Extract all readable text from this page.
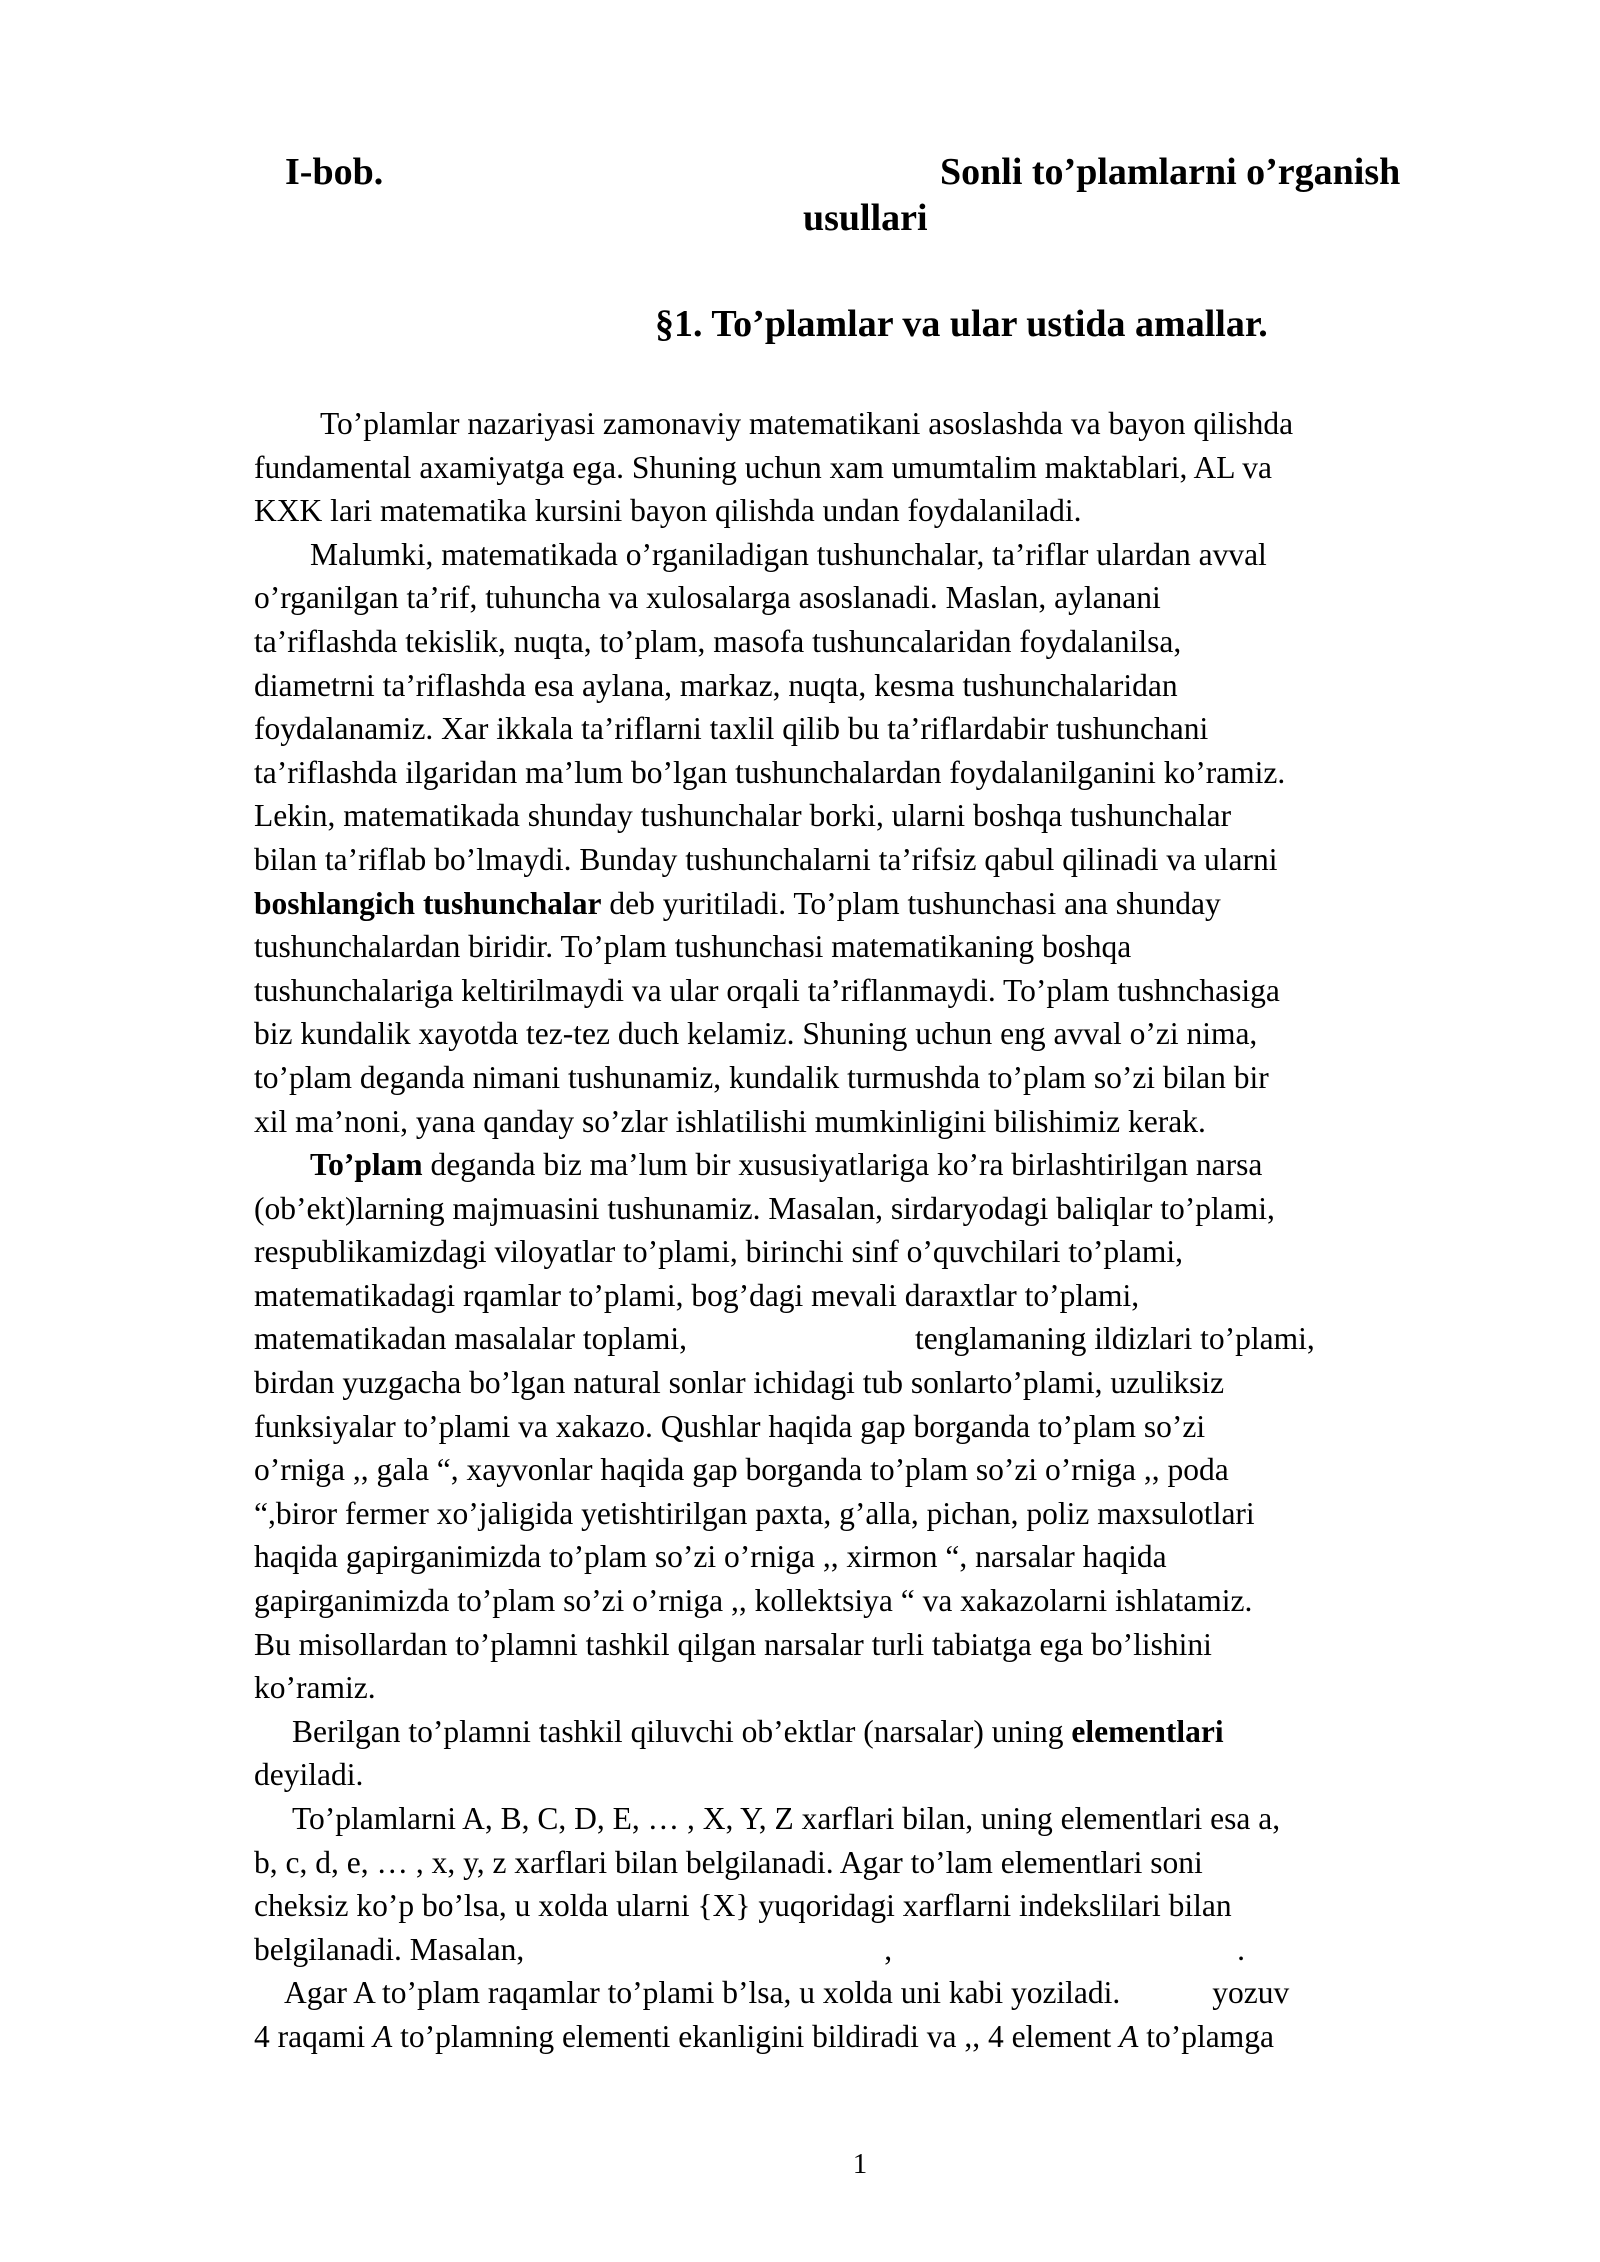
I-bob.	Sonli to’plamlarni o’rganish
usullari
§1. To’plamlar va ular ustida amallar.

To’plamlar nazariyasi zamonaviy matematikani asoslashda va bayon qilishda
fundamental axamiyatga ega. Shuning uchun xam umumtalim maktablari, AL va
KXK lari matematika kursini bayon qilishda undan foydalaniladi.

Malumki, matematikada o’rganiladigan tushunchalar, ta’riflar ulardan avval
o’rganilgan ta’rif, tuhuncha va xulosalarga asoslanadi. Maslan, aylanani
ta’riflashda tekislik, nuqta, to’plam, masofa tushuncalaridan foydalanilsa,
diametrni ta’riflashda esa aylana, markaz, nuqta, kesma tushunchalaridan
foydalanamiz. Xar ikkala ta’riflarni taxlil qilib bu ta’riflardabir tushunchani
ta’riflashda ilgaridan ma’lum bo’lgan tushunchalardan foydalanilganini ko’ramiz.
Lekin, matematikada shunday tushunchalar borki, ularni boshqa tushunchalar
bilan ta’riflab bo’lmaydi. Bunday tushunchalarni ta’rifsiz qabul qilinadi va ularni
boshlangich tushunchalar deb yuritiladi. To’plam tushunchasi ana shunday
tushunchalardan biridir. To’plam tushunchasi matematikaning boshqa
tushunchalariga keltirilmaydi va ular orqali ta’riflanmaydi. To’plam tushnchasiga
biz kundalik xayotda tez-tez duch kelamiz. Shuning uchun eng avval o’zi nima,
to’plam deganda nimani tushunamiz, kundalik turmushda to’plam so’zi bilan bir
xil ma’noni, yana qanday so’zlar ishlatilishi mumkinligini bilishimiz kerak.

To’plam deganda biz ma’lum bir xususiyatlariga ko’ra birlashtirilgan narsa
(ob’ekt)larning majmuasini tushunamiz. Masalan, sirdaryodagi baliqlar to’plami,
respublikamizdagi viloyatlar to’plami, birinchi sinf o’quvchilari to’plami,
matematikadagi rqamlar to’plami, bog’dagi mevali daraxtlar to’plami,
matematikadan masalalar toplami,	tenglamaning ildizlari to’plami,
birdan yuzgacha bo’lgan natural sonlar ichidagi tub sonlarto’plami, uzuliksiz
funksiyalar to’plami va xakazo. Qushlar haqida gap borganda to’plam so’zi
o’rniga ,, gala “, xayvonlar haqida gap borganda to’plam so’zi o’rniga ,, poda
“,biror fermer xo’jaligida yetishtirilgan paxta, g’alla, pichan, poliz maxsulotlari
haqida gapirganimizda to’plam so’zi o’rniga ,, xirmon “, narsalar haqida
gapirganimizda to’plam so’zi o’rniga ,, kollektsiya “ va xakazolarni ishlatamiz.
Bu misollardan to’plamni tashkil qilgan narsalar turli tabiatga ega bo’lishini
ko’ramiz.

Berilgan to’plamni tashkil qiluvchi ob’ektlar (narsalar) uning elementlari
deyiladi.

To’plamlarni A, B, C, D, E, … , X, Y, Z xarflari bilan, uning elementlari esa a,
b, c, d, e, … , x, y, z xarflari bilan belgilanadi. Agar to’lam elementlari soni
cheksiz ko’p bo’lsa, u xolda ularni {X} yuqoridagi xarflarni indekslilari bilan
belgilanadi. Masalan,	,	.

Agar A to’plam raqamlar to’plami b’lsa, u xolda uni kabi yoziladi.	yozuv
4 raqami A to’plamning elementi ekanligini bildiradi va ,, 4 element A to’plamga

1
